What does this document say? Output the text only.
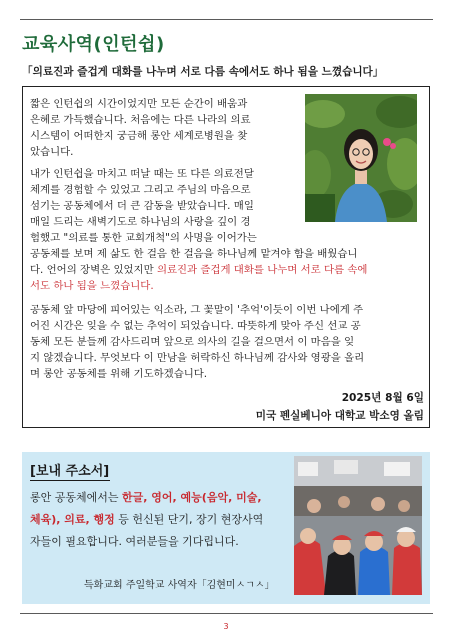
교육사역(인턴쉽)
「의료진과 즐겁게 대화를 나누며 서로 다름 속에서도 하나 됨을 느꼈습니다」
짧은 인턴쉽의 시간이었지만 모든 순간이 배움과
은혜로 가득했습니다. 처음에는 다른 나라의 의료
시스템이 어떠한지 궁금해 롱안 세계로병원을 찾
았습니다.
내가 인턴쉽을 마치고 떠날 때는 또 다른 의료전달
체계를 경험할 수 있었고 그리고 주님의 마음으로
섬기는 공동체에서 더 큰 감동을 받았습니다. 매일
매일 드리는 새벽기도로 하나님의 사랑을 깊이 경
험했고 "의료를 통한 교회개척"의 사명을 이어가는
공동체를 보며 제 삶도 한 걸음 한 걸음을 하나님께 맡겨야 함을 배웠습니
다. 언어의 장벽은 있었지만 의료진과 즐겁게 대화를 나누며 서로 다름 속에
서도 하나 됨을 느꼈습니다.
공동체 앞 마당에 피어있는 익소라, 그 꽃말이 '추억'이듯이 이번 나에게 주
어진 시간은 잊을 수 없는 추억이 되었습니다. 따뜻하게 맞아 주신 선교 공
동체 모든 분들께 감사드리며 앞으로 의사의 길을 걸으면서 이 마음을 잊
지 않겠습니다. 무엇보다 이 만남을 허락하신 하나님께 감사와 영광을 올리
며 롱안 공동체를 위해 기도하겠습니다.
2025년 8월 6일
미국 펜실베니아 대학교 박소영 올림
[보내 주소서]
롱안 공동체에서는 한글, 영어, 예능(음악, 미술,
체육), 의료, 행정 등 헌신된 단기, 장기 현장사역
자들이 필요합니다. 여러분들을 기다립니다.
득화교회 주일학교 사역자「김현미ㅅㄱㅅ」
3
